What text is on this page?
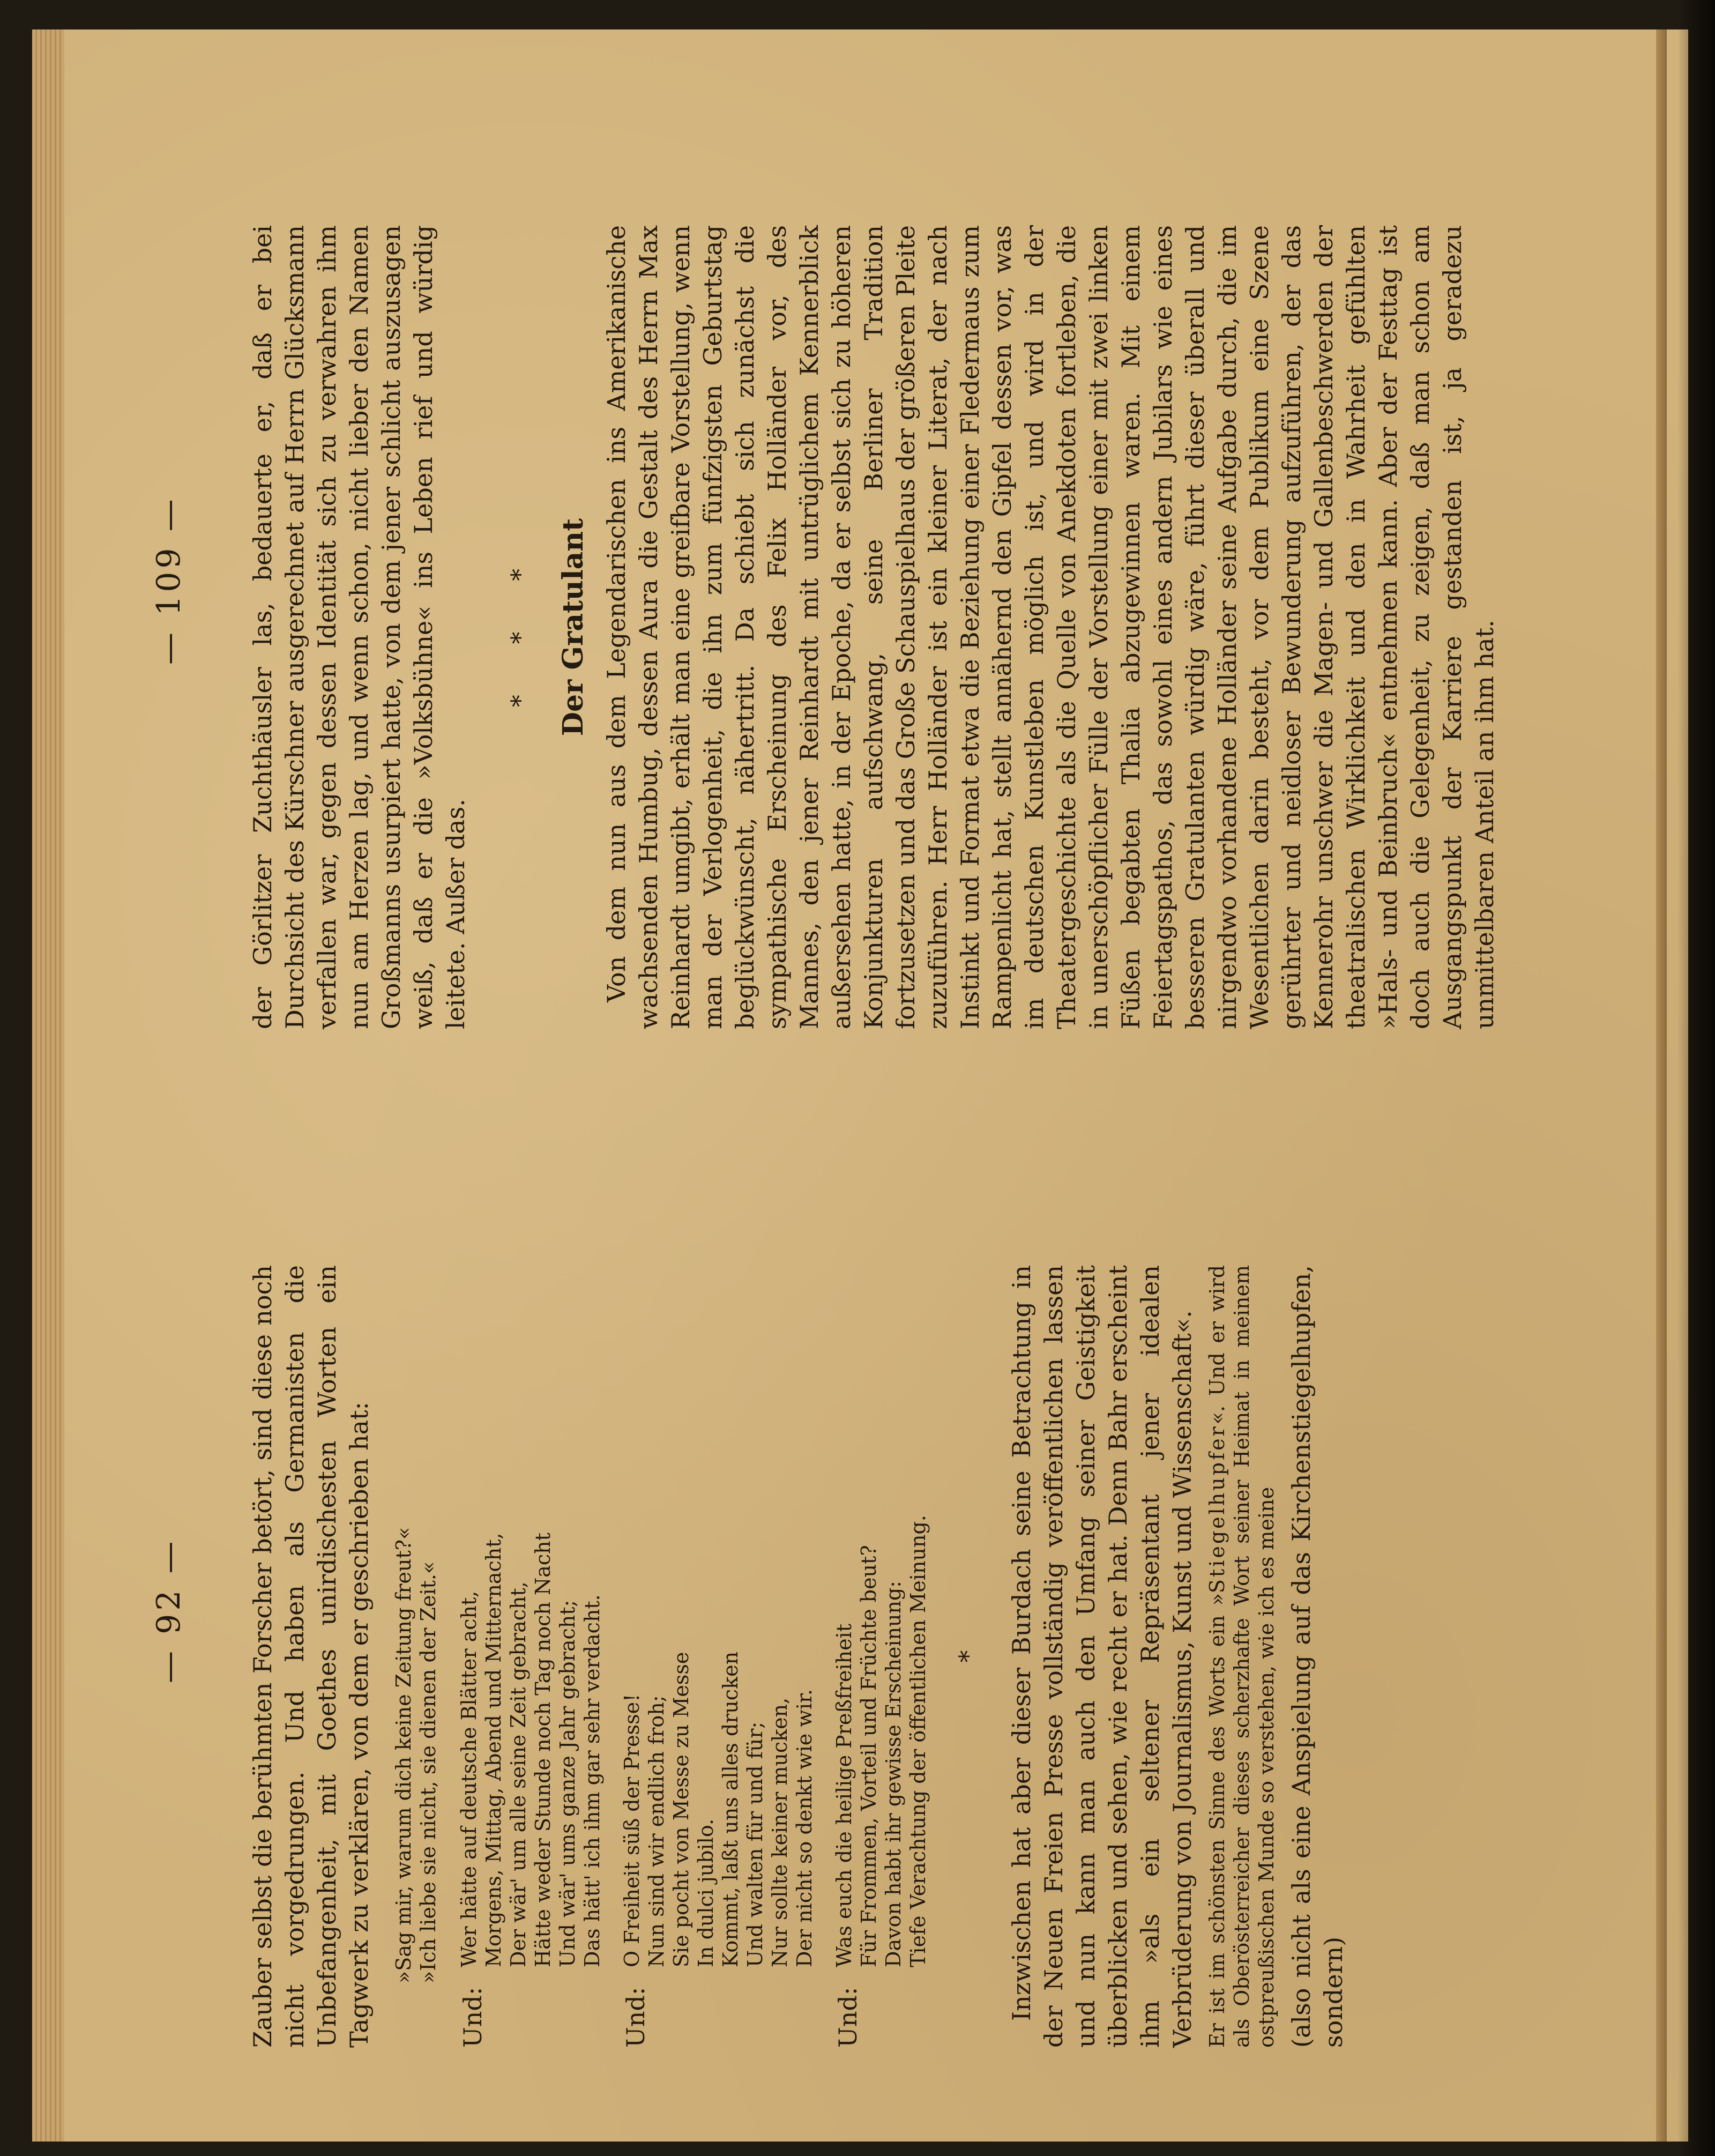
— 92 — Zauber selbst die berühmten Forscher betört, sind diese noch nicht vorgedrungen. Und haben als Germanisten die Unbefangenheit, mit Goethes unirdischesten Worten ein Tagwerk zu verklären, von dem er geschrieben hat: »Sag mir, warum dich keine Zeitung freut?« »Ich liebe sie nicht, sie dienen der Zeit.«

Und:

Wer hätte auf deutsche Blätter acht, Morgens, Mittag, Abend und Mitternacht, Der wär' um alle seine Zeit gebracht, Hätte weder Stunde noch Tag noch Nacht Und wär' ums ganze Jahr gebracht; Das hätt' ich ihm gar sehr verdacht.

Und:

O Freiheit süß der Presse! Nun sind wir endlich froh; Sie pocht von Messe zu Messe In dulci jubilo. Kommt, laßt uns alles drucken Und walten für und für; Nur sollte keiner mucken, Der nicht so denkt wie wir.

Und:

Was euch die heilige Preßfreiheit Für Frommen, Vorteil und Früchte beut? Davon habt ihr gewisse Erscheinung: Tiefe Verachtung der öffentlichen Meinung. * Inzwischen hat aber dieser Burdach seine Betrachtung in der Neuen Freien Presse vollständig veröffentlichen lassen und nun kann man auch den Umfang seiner Geistigkeit überblicken und sehen, wie recht er hat. Denn Bahr erscheint ihm »als ein seltener Repräsentant jener idealen Verbrüderung von Journalismus, Kunst und Wissenschaft«. Er ist im schönsten Sinne des Worts ein »Stiegelhupfer«. Und er wird als Oberösterreicher dieses scherzhafte Wort seiner Heimat in meinem ostpreußischen Munde so verstehen, wie ich es meine (also nicht als eine Anspielung auf das Kirchenstiegelhupfen, sondern)

— 109 — der Görlitzer Zuchthäusler las, bedauerte er, daß er bei Durchsicht des Kürschner ausgerechnet auf Herrn Glücksmann verfallen war, gegen dessen Identität sich zu verwahren ihm nun am Herzen lag, und wenn schon, nicht lieber den Namen Großmanns usurpiert hatte, von dem jener schlicht auszusagen weiß, daß er die »Volksbühne« ins Leben rief und würdig leitete. Außer das.

* * * Der Gratulant Von dem nun aus dem Legendarischen ins Amerikanische wachsenden Humbug, dessen Aura die Gestalt des Herrn Max Reinhardt umgibt, erhält man eine greifbare Vorstellung, wenn man der Verlogenheit, die ihn zum fünfzigsten Geburtstag beglückwünscht, nähertritt. Da schiebt sich zunächst die sympathische Erscheinung des Felix Holländer vor, des Mannes, den jener Reinhardt mit untrüglichem Kennerblick außersehen hatte, in der Epoche, da er selbst sich zu höheren Konjunkturen aufschwang, seine Berliner Tradition fortzusetzen und das Große Schauspielhaus der größeren Pleite zuzuführen. Herr Holländer ist ein kleiner Literat, der nach Instinkt und Format etwa die Beziehung einer Fledermaus zum Rampenlicht hat, stellt annähernd den Gipfel dessen vor, was im deutschen Kunstleben möglich ist, und wird in der Theatergeschichte als die Quelle von Anekdoten fortleben, die in unerschöpflicher Fülle der Vorstellung einer mit zwei linken Füßen begabten Thalia abzugewinnen waren. Mit einem Feiertagspathos, das sowohl eines andern Jubilars wie eines besseren Gratulanten würdig wäre, führt dieser überall und nirgendwo vorhandene Holländer seine Aufgabe durch, die im Wesentlichen darin besteht, vor dem Publikum eine Szene gerührter und neidloser Bewunderung aufzuführen, der das Kennerohr unschwer die Magen- und Gallenbeschwerden der theatralischen Wirklichkeit und den in Wahrheit gefühlten »Hals- und Beinbruch« entnehmen kann. Aber der Festtag ist doch auch die Gelegenheit, zu zeigen, daß man schon am Ausgangspunkt der Karriere gestanden ist, ja geradezu unmittelbaren Anteil an ihm hat.
